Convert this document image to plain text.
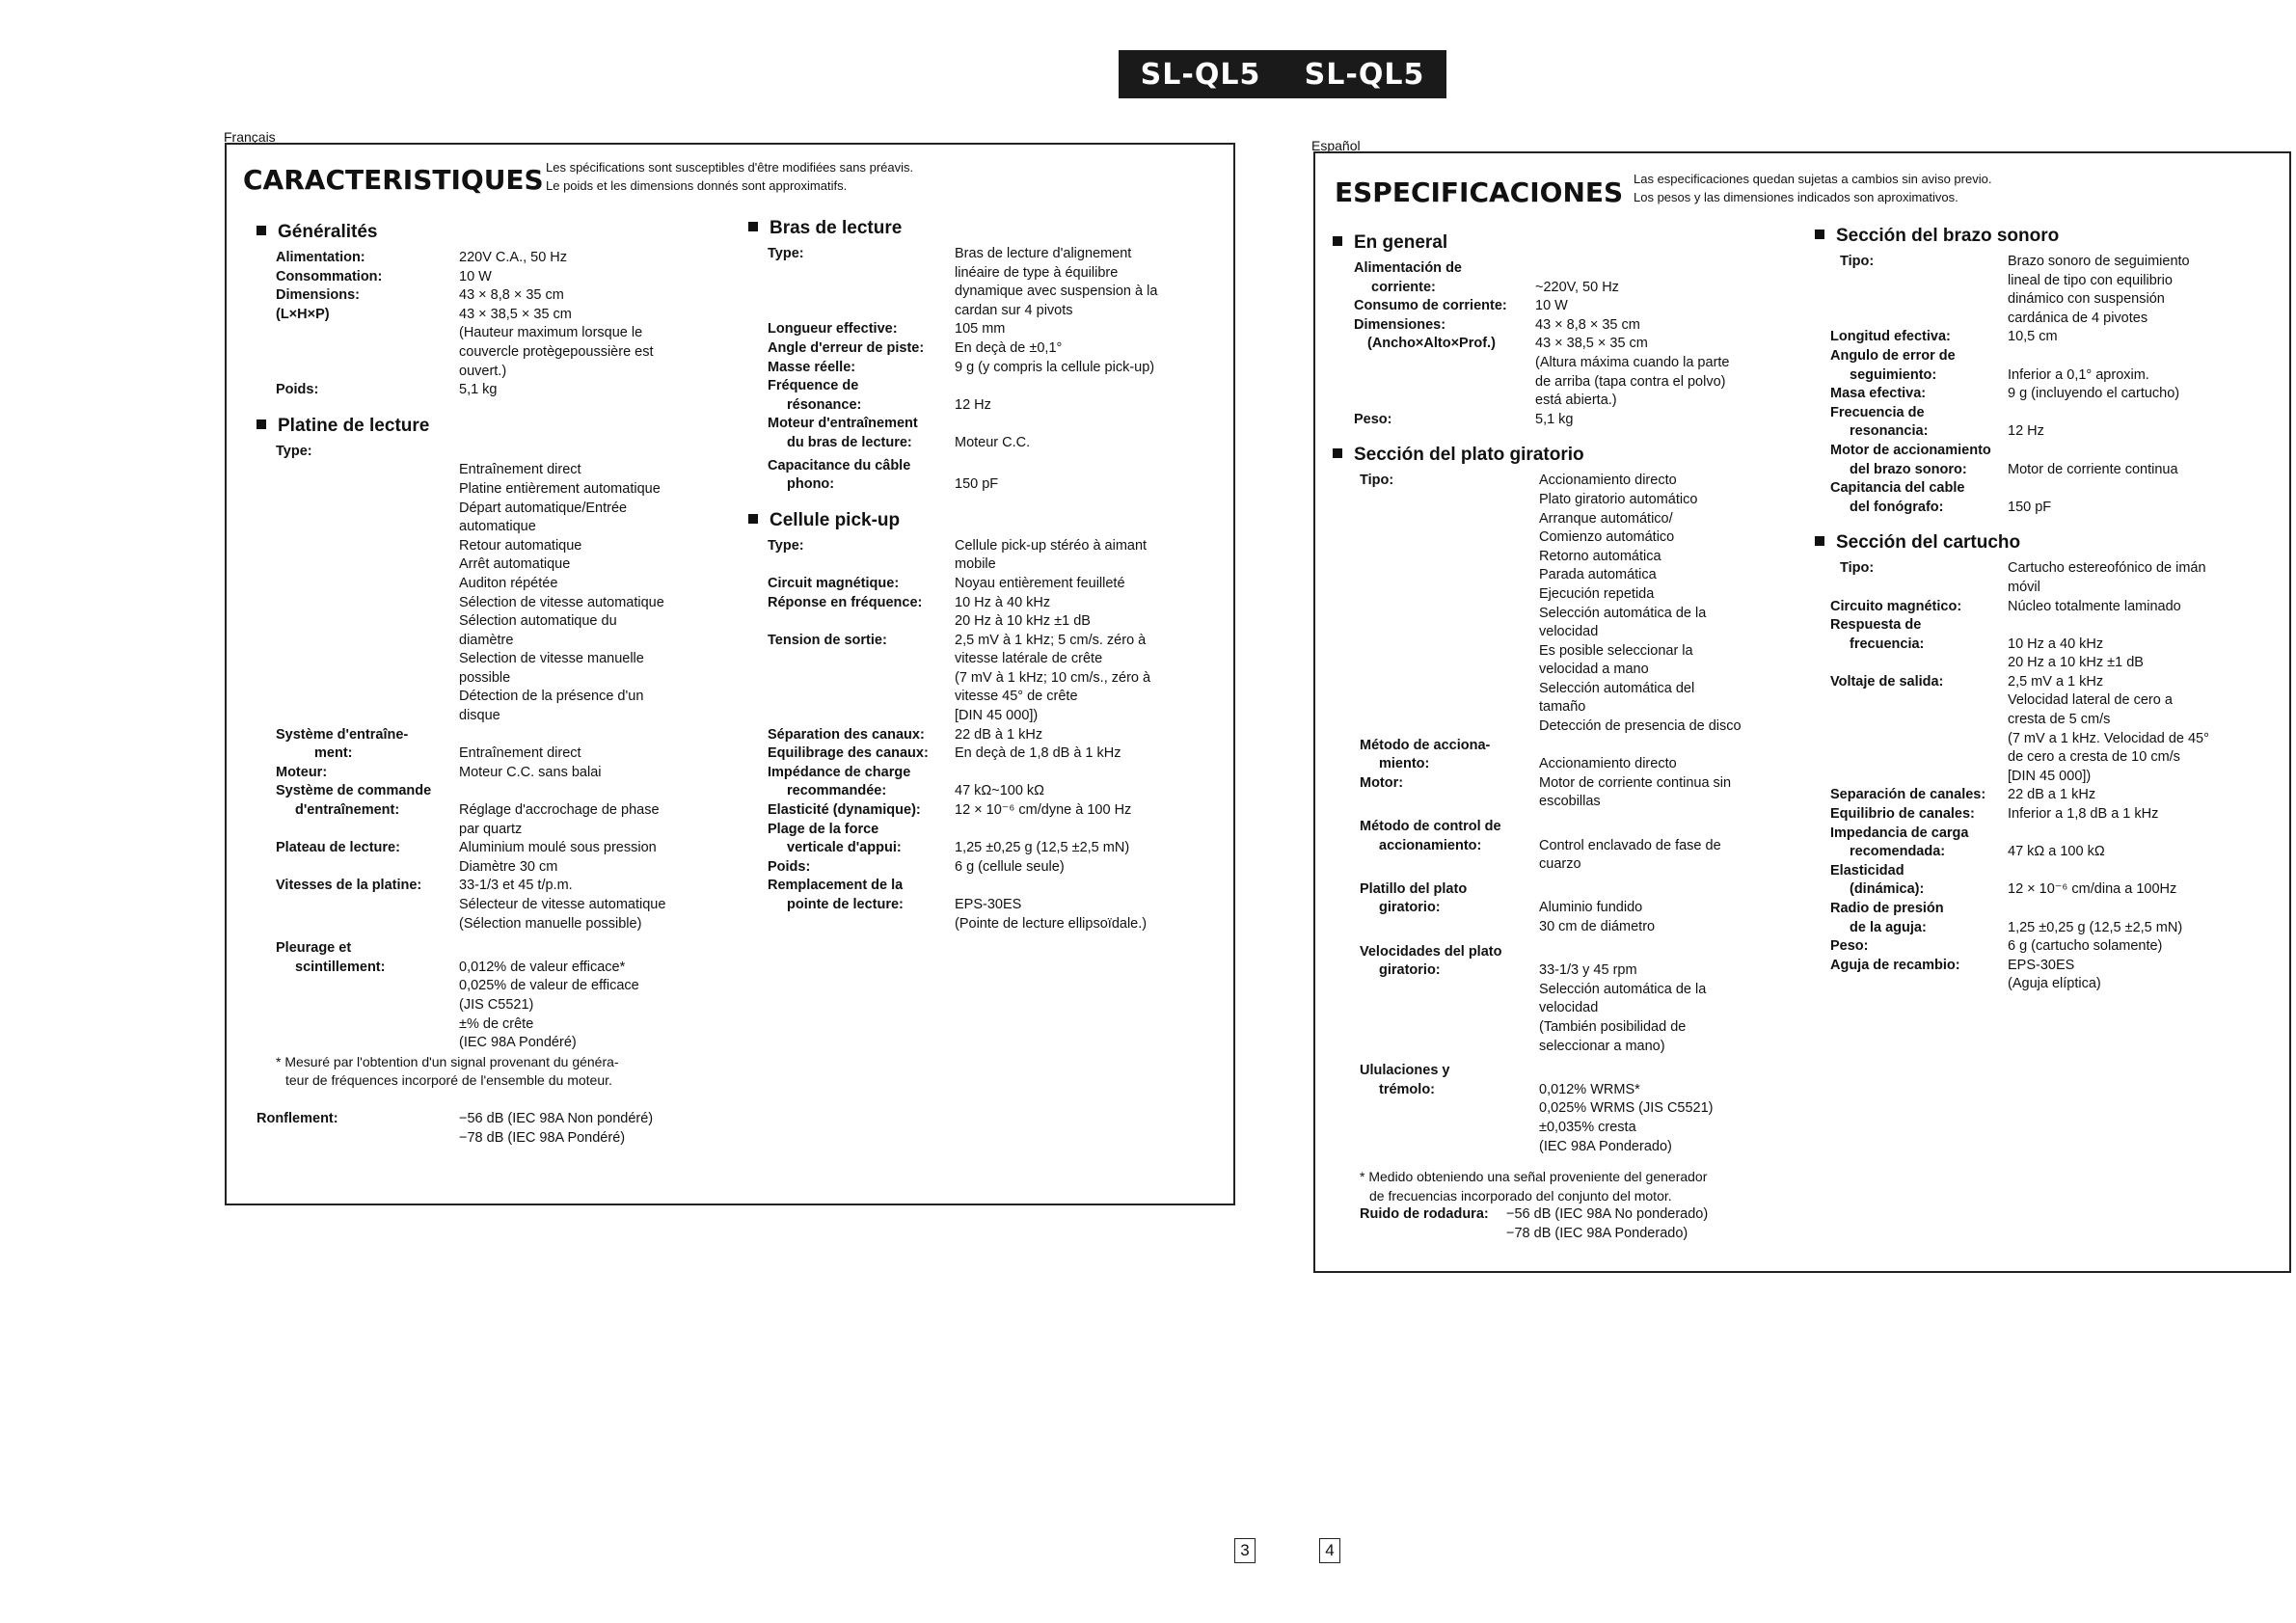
SL-QL5 SL-QL5
Français
CARACTERISTIQUES Les spécifications sont susceptibles d'être modifiées sans préavis.
Le poids et les dimensions donnés sont approximatifs.
Généralités
Alimentation:	220V C.A., 50 Hz
Consommation:	10 W
Dimensions:	43 × 8,8 × 35 cm
(L×H×P)	43 × 38,5 × 35 cm
(Hauteur maximum lorsque le
couvercle protègepoussière est
ouvert.)
Poids:	5,1 kg
Platine de lecture
Type:
Entraînement direct
Platine entièrement automatique
Départ automatique/Entrée
automatique
Retour automatique
Arrêt automatique
Auditon répétée
Sélection de vitesse automatique
Sélection automatique du
diamètre
Selection de vitesse manuelle
possible
Détection de la présence d'un
disque
Système d'entraîne-
ment:	Entraînement direct
Moteur:	Moteur C.C. sans balai
Système de commande
d'entraînement:	Réglage d'accrochage de phase
par quartz
Plateau de lecture:	Aluminium moulé sous pression
Diamètre 30 cm
Vitesses de la platine:	33-1/3 et 45 t/p.m.
Sélecteur de vitesse automatique
(Sélection manuelle possible)
Pleurage et
scintillement:	0,012% de valeur efficace*
0,025% de valeur de efficace
(JIS C5521)
±% de crête
(IEC 98A Pondéré)
* Mesuré par l'obtention d'un signal provenant du généra-
teur de fréquences incorporé de l'ensemble du moteur.
Ronflement:	−56 dB (IEC 98A Non pondéré)
−78 dB (IEC 98A Pondéré)
Bras de lecture
Type:	Bras de lecture d'alignement
linéaire de type à équilibre
dynamique avec suspension à la
cardan sur 4 pivots
Longueur effective:	105 mm
Angle d'erreur de piste:	En deçà de ±0,1°
Masse réelle:	9 g (y compris la cellule pick-up)
Fréquence de
résonance:	12 Hz
Moteur d'entraînement
du bras de lecture:	Moteur C.C.
Capacitance du câble
phono:	150 pF
Cellule pick-up
Type:	Cellule pick-up stéréo à aimant
mobile
Circuit magnétique:	Noyau entièrement feuilleté
Réponse en fréquence:	10 Hz à 40 kHz
20 Hz à 10 kHz ±1 dB
Tension de sortie:	2,5 mV à 1 kHz; 5 cm/s. zéro à
vitesse latérale de crête
(7 mV à 1 kHz; 10 cm/s., zéro à
vitesse 45° de crête
[DIN 45 000])
Séparation des canaux:	22 dB à 1 kHz
Equilibrage des canaux:	En deçà de 1,8 dB à 1 kHz
Impédance de charge
recommandée:	47 kΩ~100 kΩ
Elasticité (dynamique):	12 × 10⁻⁶ cm/dyne à 100 Hz
Plage de la force
verticale d'appui:	1,25 ±0,25 g (12,5 ±2,5 mN)
Poids:	6 g (cellule seule)
Remplacement de la
pointe de lecture:	EPS-30ES
(Pointe de lecture ellipsoïdale.)
Español
ESPECIFICACIONES Las especificaciones quedan sujetas a cambios sin aviso previo.
Los pesos y las dimensiones indicados son aproximativos.
En general
Alimentación de
corriente:	~220V, 50 Hz
Consumo de corriente:	10 W
Dimensiones:	43 × 8,8 × 35 cm
(Ancho×Alto×Prof.)	43 × 38,5 × 35 cm
(Altura máxima cuando la parte
de arriba (tapa contra el polvo)
está abierta.)
Peso:	5,1 kg
Sección del plato giratorio
Tipo:	Accionamiento directo
Plato giratorio automático
Arranque automático/
Comienzo automático
Retorno automática
Parada automática
Ejecución repetida
Selección automática de la
velocidad
Es posible seleccionar la
velocidad a mano
Selección automática del
tamaño
Detección de presencia de disco
Método de acciona-
miento:	Accionamiento directo
Motor:	Motor de corriente continua sin
escobillas
Método de control de
accionamiento:	Control enclavado de fase de
cuarzo
Platillo del plato
giratorio:	Aluminio fundido
30 cm de diámetro
Velocidades del plato
giratorio:	33-1/3 y 45 rpm
Selección automática de la
velocidad
(También posibilidad de
seleccionar a mano)
Ululaciones y
trémolo:	0,012% WRMS*
0,025% WRMS (JIS C5521)
±0,035% cresta
(IEC 98A Ponderado)
* Medido obteniendo una señal proveniente del generador
de frecuencias incorporado del conjunto del motor.
Ruido de rodadura:	−56 dB (IEC 98A No ponderado)
−78 dB (IEC 98A Ponderado)
Sección del brazo sonoro
Tipo:	Brazo sonoro de seguimiento
lineal de tipo con equilibrio
dinámico con suspensión
cardánica de 4 pivotes
Longitud efectiva:	10,5 cm
Angulo de error de
seguimiento:	Inferior a 0,1° aproxim.
Masa efectiva:	9 g (incluyendo el cartucho)
Frecuencia de
resonancia:	12 Hz
Motor de accionamiento
del brazo sonoro:	Motor de corriente continua
Capitancia del cable
del fonógrafo:	150 pF
Sección del cartucho
Tipo:	Cartucho estereofónico de imán
móvil
Circuito magnético:	Núcleo totalmente laminado
Respuesta de
frecuencia:	10 Hz a 40 kHz
20 Hz a 10 kHz ±1 dB
Voltaje de salida:	2,5 mV a 1 kHz
Velocidad lateral de cero a
cresta de 5 cm/s
(7 mV a 1 kHz. Velocidad de 45°
de cero a cresta de 10 cm/s
[DIN 45 000])
Separación de canales:	22 dB a 1 kHz
Equilibrio de canales:	Inferior a 1,8 dB a 1 kHz
Impedancia de carga
recomendada:	47 kΩ a 100 kΩ
Elasticidad
(dinámica):	12 × 10⁻⁶ cm/dina a 100Hz
Radio de presión
de la aguja:	1,25 ±0,25 g (12,5 ±2,5 mN)
Peso:	6 g (cartucho solamente)
Aguja de recambio:	EPS-30ES
(Aguja elíptica)
3	4
